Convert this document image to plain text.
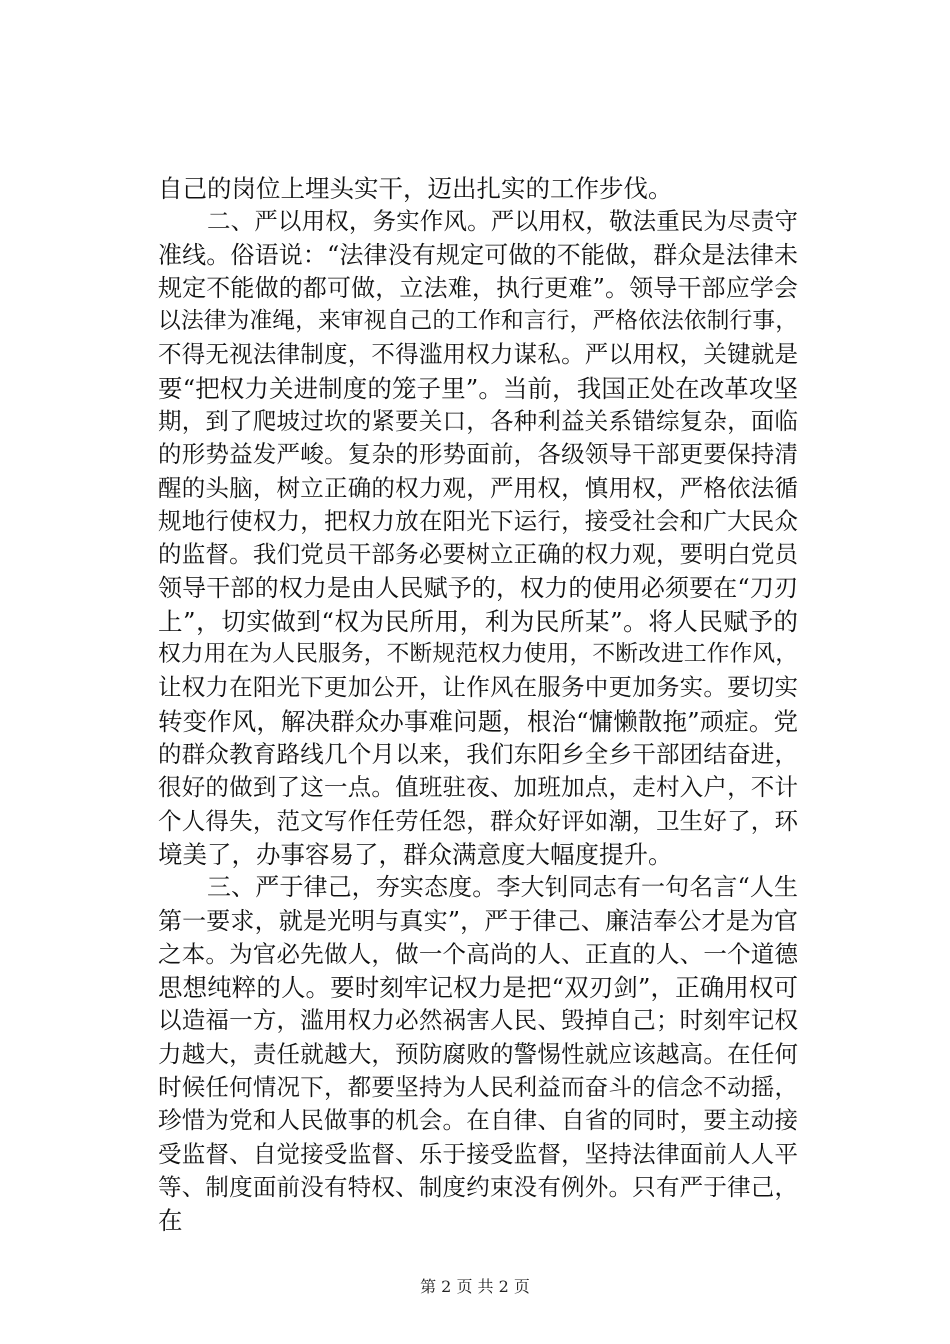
自己的岗位上埋头实干，迈出扎实的工作步伐。
二、严以用权，务实作风。严以用权，敬法重民为尽责守
准线。俗语说：“法律没有规定可做的不能做，群众是法律未
规定不能做的都可做，立法难，执行更难”。领导干部应学会
以法律为准绳，来审视自己的工作和言行，严格依法依制行事，
不得无视法律制度，不得滥用权力谋私。严以用权，关键就是
要“把权力关进制度的笼子里”。当前，我国正处在改革攻坚
期，到了爬坡过坎的紧要关口，各种利益关系错综复杂，面临
的形势益发严峻。复杂的形势面前，各级领导干部更要保持清
醒的头脑，树立正确的权力观，严用权，慎用权，严格依法循
规地行使权力，把权力放在阳光下运行，接受社会和广大民众
的监督。我们党员干部务必要树立正确的权力观，要明白党员
领导干部的权力是由人民赋予的，权力的使用必须要在“刀刃
上”，切实做到“权为民所用，利为民所某”。将人民赋予的
权力用在为人民服务，不断规范权力使用，不断改进工作作风，
让权力在阳光下更加公开，让作风在服务中更加务实。要切实
转变作风，解决群众办事难问题，根治“慵懒散拖”顽症。党
的群众教育路线几个月以来，我们东阳乡全乡干部团结奋进，
很好的做到了这一点。值班驻夜、加班加点，走村入户，不计
个人得失，范文写作任劳任怨，群众好评如潮，卫生好了，环
境美了，办事容易了，群众满意度大幅度提升。
三、严于律己，夯实态度。李大钊同志有一句名言“人生
第一要求，就是光明与真实”，严于律己、廉洁奉公才是为官
之本。为官必先做人，做一个高尚的人、正直的人、一个道德
思想纯粹的人。要时刻牢记权力是把“双刃剑”，正确用权可
以造福一方，滥用权力必然祸害人民、毁掉自己；时刻牢记权
力越大，责任就越大，预防腐败的警惕性就应该越高。在任何
时候任何情况下，都要坚持为人民利益而奋斗的信念不动摇，
珍惜为党和人民做事的机会。在自律、自省的同时，要主动接
受监督、自觉接受监督、乐于接受监督，坚持法律面前人人平
等、制度面前没有特权、制度约束没有例外。只有严于律己，
在
第 2 页 共 2 页
